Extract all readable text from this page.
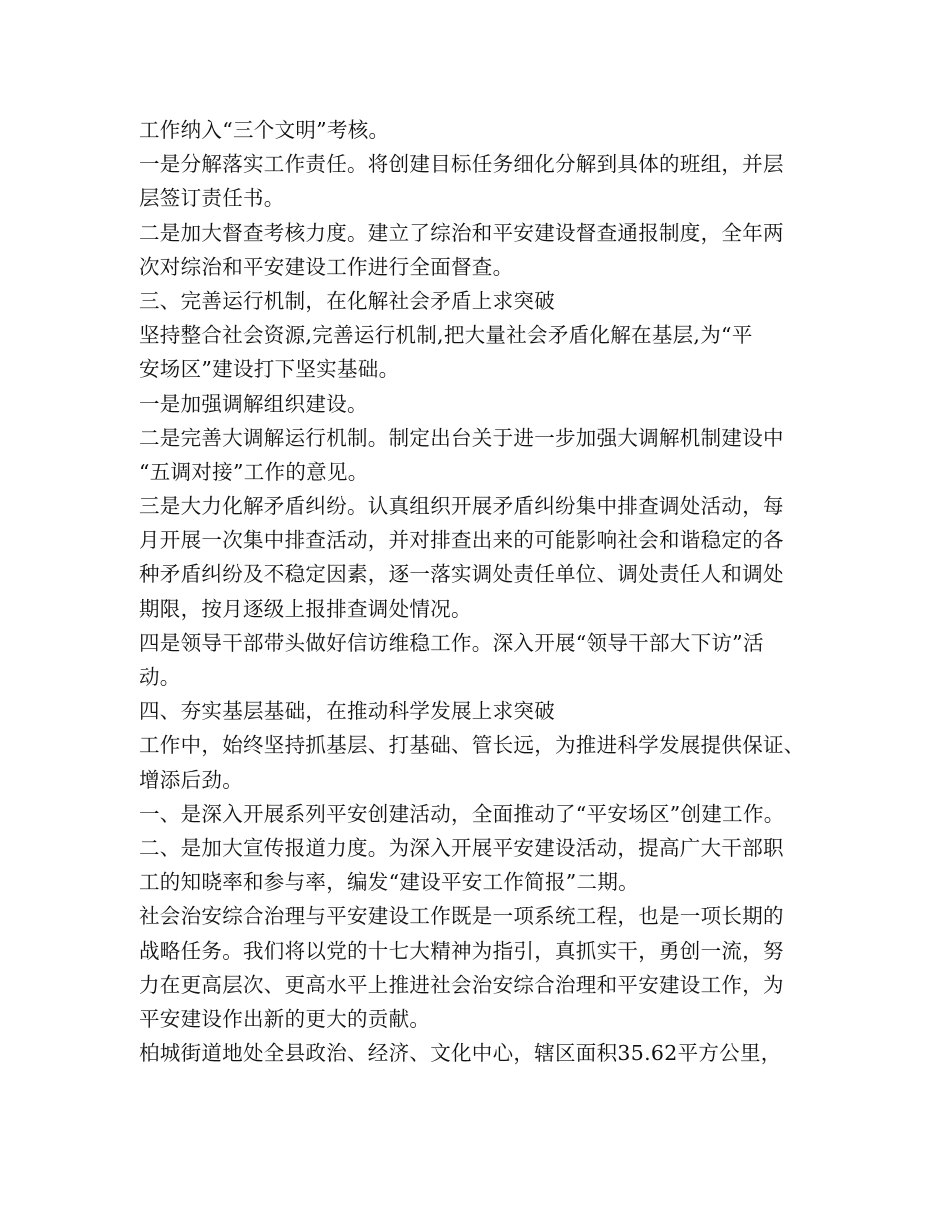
工作纳入“三个文明”考核。
一是分解落实工作责任。将创建目标任务细化分解到具体的班组，并层
层签订责任书。
二是加大督查考核力度。建立了综治和平安建设督查通报制度，全年两
次对综治和平安建设工作进行全面督查。
三、完善运行机制，在化解社会矛盾上求突破
坚持整合社会资源,完善运行机制,把大量社会矛盾化解在基层,为“平
安场区”建设打下坚实基础。
一是加强调解组织建设。
二是完善大调解运行机制。制定出台关于进一步加强大调解机制建设中
“五调对接”工作的意见。
三是大力化解矛盾纠纷。认真组织开展矛盾纠纷集中排查调处活动，每
月开展一次集中排查活动，并对排查出来的可能影响社会和谐稳定的各
种矛盾纠纷及不稳定因素，逐一落实调处责任单位、调处责任人和调处
期限，按月逐级上报排查调处情况。
四是领导干部带头做好信访维稳工作。深入开展“领导干部大下访”活
动。
四、夯实基层基础，在推动科学发展上求突破
工作中，始终坚持抓基层、打基础、管长远，为推进科学发展提供保证、
增添后劲。
一、是深入开展系列平安创建活动，全面推动了“平安场区”创建工作。
二、是加大宣传报道力度。为深入开展平安建设活动，提高广大干部职
工的知晓率和参与率，编发“建设平安工作简报”二期。
社会治安综合治理与平安建设工作既是一项系统工程，也是一项长期的
战略任务。我们将以党的十七大精神为指引，真抓实干，勇创一流，努
力在更高层次、更高水平上推进社会治安综合治理和平安建设工作，为
平安建设作出新的更大的贡献。
柏城街道地处全县政治、经济、文化中心，辖区面积35.62平方公里，
